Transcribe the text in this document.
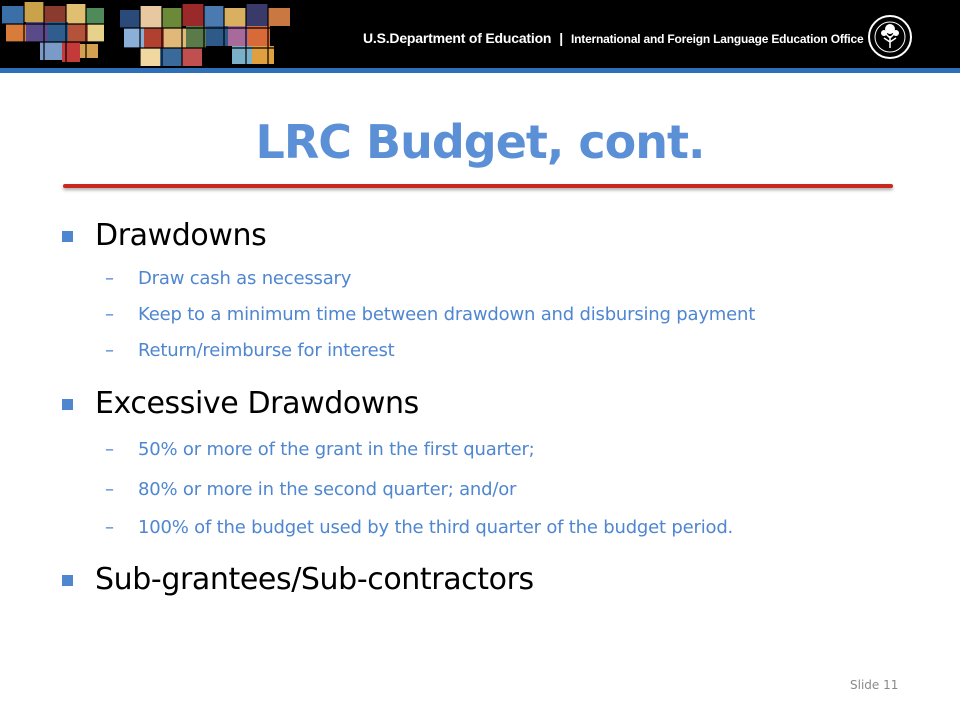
U.S.Department of Education | International and Foreign Language Education Office
LRC Budget, cont.
Drawdowns
– Draw cash as necessary
– Keep to a minimum time between drawdown and disbursing payment
– Return/reimburse for interest
Excessive Drawdowns
– 50% or more of the grant in the first quarter;
– 80% or more in the second quarter; and/or
– 100% of the budget used by the third quarter of the budget period.
Sub-grantees/Sub-contractors
Slide 11
